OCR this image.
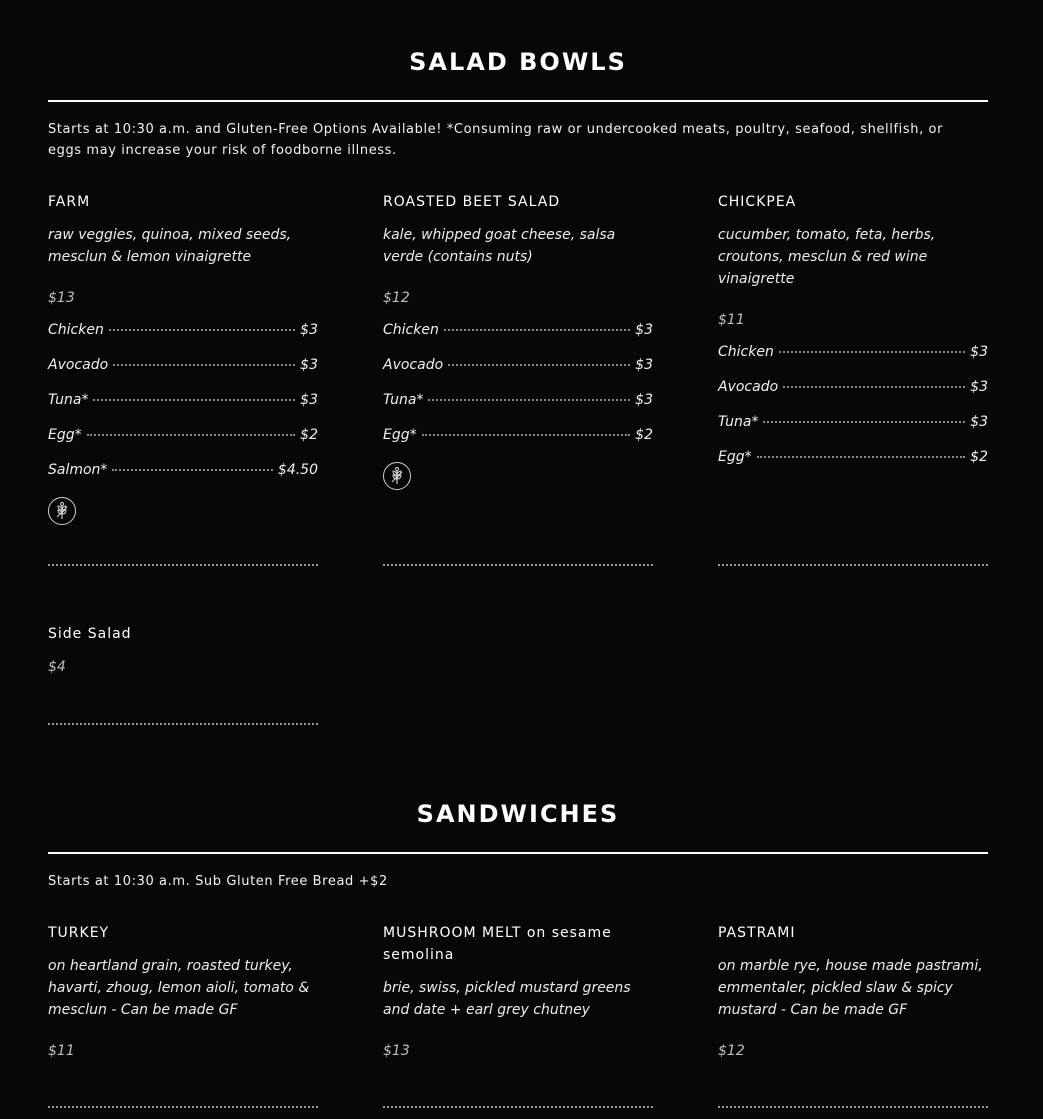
SALAD BOWLS
Starts at 10:30 a.m. and Gluten-Free Options Available! *Consuming raw or undercooked meats, poultry, seafood, shellfish, or eggs may increase your risk of foodborne illness.
FARM
raw veggies, quinoa, mixed seeds, mesclun & lemon vinaigrette
$13
Chicken	$3
Avocado	$3
Tuna*	$3
Egg*	$2
Salmon*	$4.50
ROASTED BEET SALAD
kale, whipped goat cheese, salsa verde (contains nuts)
$12
Chicken	$3
Avocado	$3
Tuna*	$3
Egg*	$2
CHICKPEA
cucumber, tomato, feta, herbs, croutons, mesclun & red wine vinaigrette
$11
Chicken	$3
Avocado	$3
Tuna*	$3
Egg*	$2
Side Salad
$4
SANDWICHES
Starts at 10:30 a.m. Sub Gluten Free Bread +$2
TURKEY
on heartland grain, roasted turkey, havarti, zhoug, lemon aioli, tomato & mesclun - Can be made GF
$11
MUSHROOM MELT on sesame semolina
brie, swiss, pickled mustard greens and date + earl grey chutney
$13
PASTRAMI
on marble rye, house made pastrami, emmentaler, pickled slaw & spicy mustard - Can be made GF
$12
